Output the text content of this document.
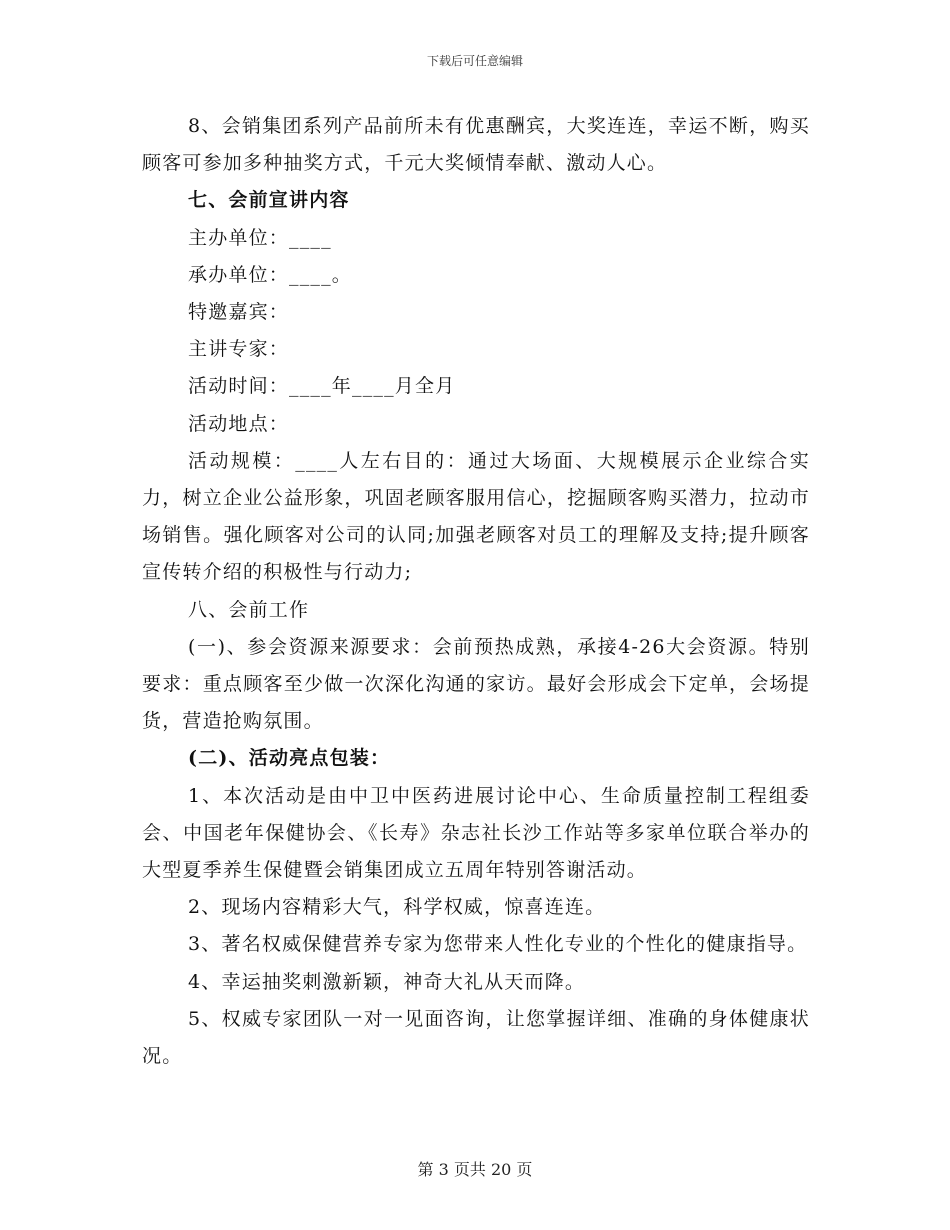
下载后可任意编辑

8、会销集团系列产品前所未有优惠酬宾，大奖连连，幸运不断，购买顾客可参加多种抽奖方式，千元大奖倾情奉献、激动人心。

七、会前宣讲内容

主办单位：____

承办单位：____。

特邀嘉宾：

主讲专家：

活动时间：____年____月全月

活动地点：

活动规模：____人左右目的：通过大场面、大规模展示企业综合实力，树立企业公益形象，巩固老顾客服用信心，挖掘顾客购买潜力，拉动市场销售。强化顾客对公司的认同;加强老顾客对员工的理解及支持;提升顾客宣传转介绍的积极性与行动力;

八、会前工作

(一)、参会资源来源要求：会前预热成熟，承接4-26大会资源。特别要求：重点顾客至少做一次深化沟通的家访。最好会形成会下定单，会场提货，营造抢购氛围。

(二)、活动亮点包装：

1、本次活动是由中卫中医药进展讨论中心、生命质量控制工程组委会、中国老年保健协会、《长寿》杂志社长沙工作站等多家单位联合举办的大型夏季养生保健暨会销集团成立五周年特别答谢活动。

2、现场内容精彩大气，科学权威，惊喜连连。

3、著名权威保健营养专家为您带来人性化专业的个性化的健康指导。

4、幸运抽奖刺激新颖，神奇大礼从天而降。

5、权威专家团队一对一见面咨询，让您掌握详细、准确的身体健康状况。

第 3 页共 20 页
